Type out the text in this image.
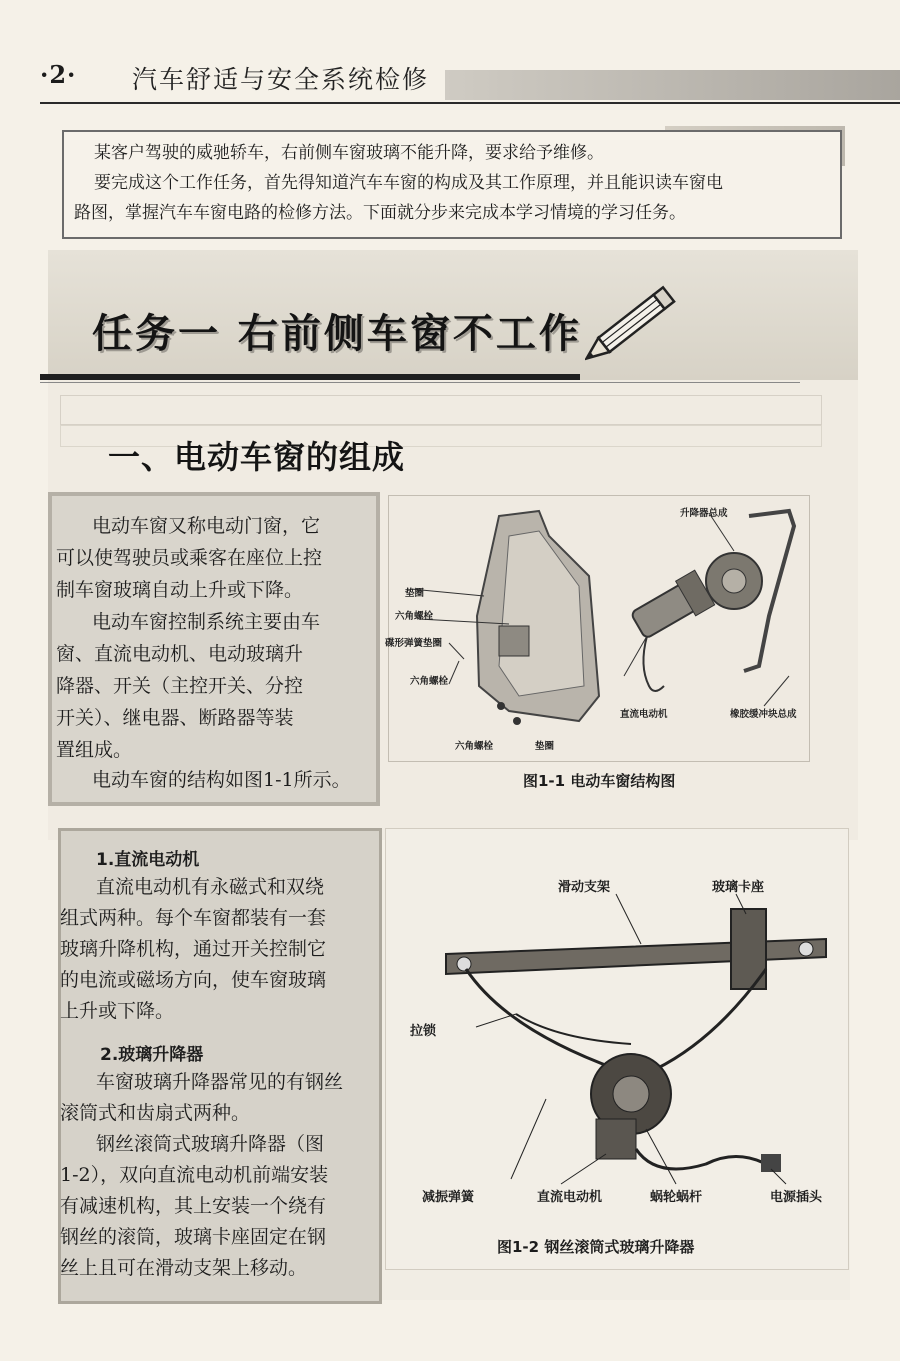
·2· 汽车舒适与安全系统检修
某客户驾驶的威驰轿车，右前侧车窗玻璃不能升降，要求给予维修。
要完成这个工作任务，首先得知道汽车车窗的构成及其工作原理，并且能识读车窗电
路图，掌握汽车车窗电路的检修方法。下面就分步来完成本学习情境的学习任务。
任务一 右前侧车窗不工作
一、电动车窗的组成
电动车窗又称电动门窗，它
可以使驾驶员或乘客在座位上控
制车窗玻璃自动上升或下降。
电动车窗控制系统主要由车
窗、直流电动机、电动玻璃升
降器、开关（主控开关、分控
开关）、继电器、断路器等装
置组成。
电动车窗的结构如图1-1所示。
升降器总成
垫圈
六角螺栓
碟形弹簧垫圈
六角螺栓
直流电动机	橡胶缓冲块总成
六角螺栓	垫圈
图1-1 电动车窗结构图
1.直流电动机
直流电动机有永磁式和双绕
组式两种。每个车窗都装有一套
玻璃升降机构，通过开关控制它
的电流或磁场方向，使车窗玻璃
上升或下降。
2.玻璃升降器
车窗玻璃升降器常见的有钢丝
滚筒式和齿扇式两种。
钢丝滚筒式玻璃升降器（图
1-2），双向直流电动机前端安装
有减速机构，其上安装一个绕有
钢丝的滚筒，玻璃卡座固定在钢
丝上且可在滑动支架上移动。
滑动支架	玻璃卡座
拉锁
减振弹簧	直流电动机	蜗轮蜗杆	电源插头
图1-2 钢丝滚筒式玻璃升降器
